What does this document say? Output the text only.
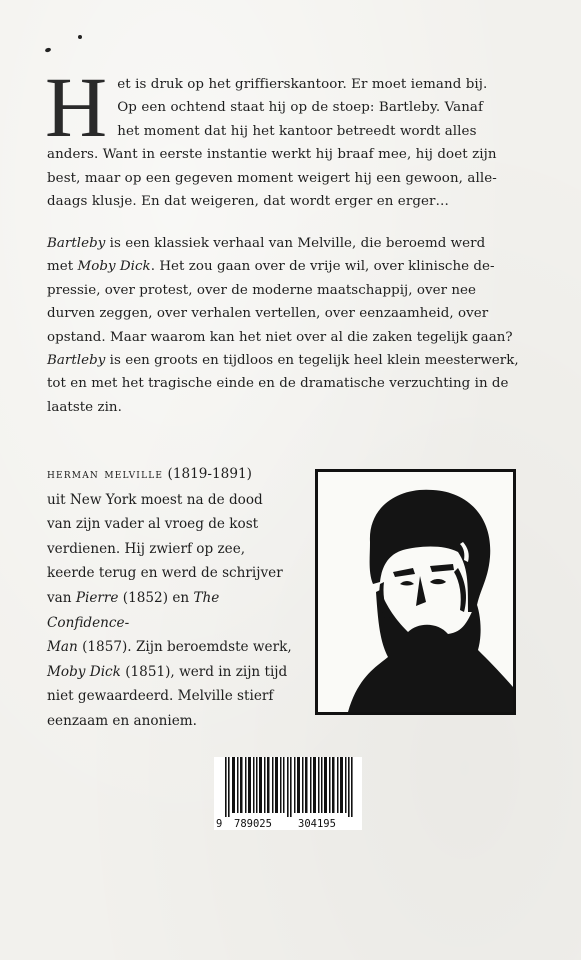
H et is druk op het griffierskantoor. Er moet iemand bij.
Op een ochtend staat hij op de stoep: Bartleby. Vanaf
het moment dat hij het kantoor betreedt wordt alles
anders. Want in eerste instantie werkt hij braaf mee, hij doet zijn
best, maar op een gegeven moment weigert hij een gewoon, alle-
daags klusje. En dat weigeren, dat wordt erger en erger…
Bartleby is een klassiek verhaal van Melville, die beroemd werd
met Moby Dick. Het zou gaan over de vrije wil, over klinische de-
pressie, over protest, over de moderne maatschappij, over nee
durven zeggen, over verhalen vertellen, over eenzaamheid, over
opstand. Maar waarom kan het niet over al die zaken tegelijk gaan?
Bartleby is een groots en tijdloos en tegelijk heel klein meesterwerk,
tot en met het tragische einde en de dramatische verzuchting in de
laatste zin.
herman melville (1819-1891)
uit New York moest na de dood
van zijn vader al vroeg de kost
verdienen. Hij zwierf op zee,
keerde terug en werd de schrijver
van Pierre (1852) en The Confidence-
Man (1857). Zijn beroemdste werk,
Moby Dick (1851), werd in zijn tijd
niet gewaardeerd. Melville stierf
eenzaam en anoniem.
9 789025 304195
